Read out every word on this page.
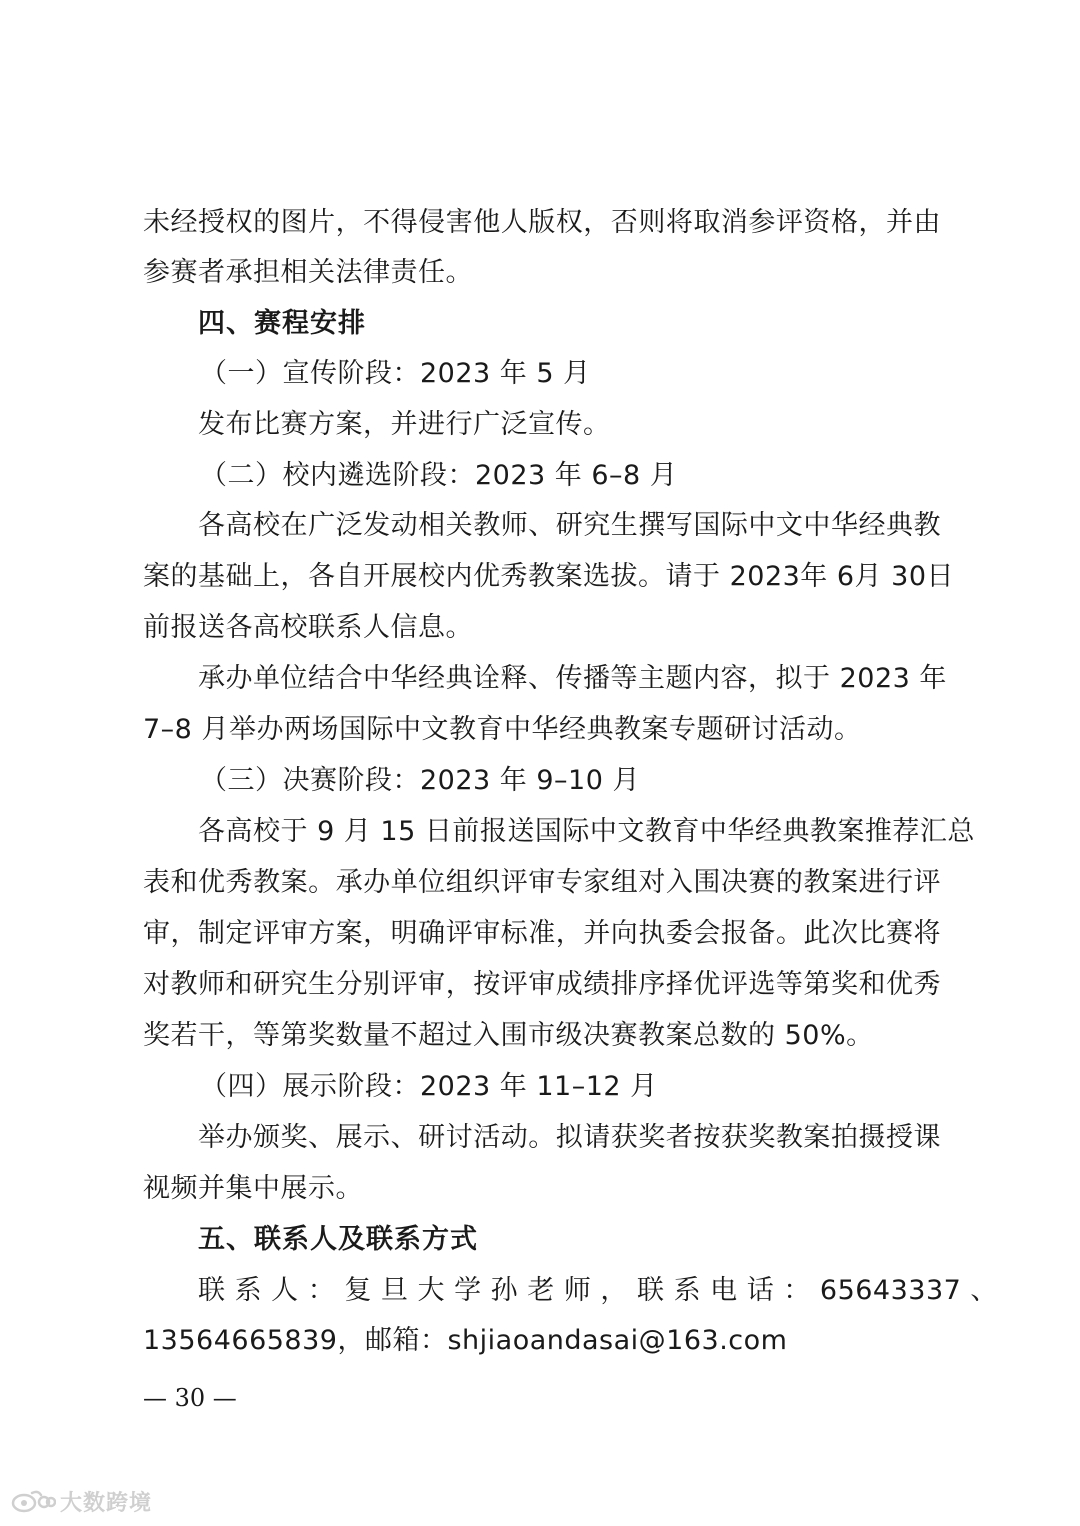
未经授权的图片，不得侵害他人版权，否则将取消参评资格，并由
参赛者承担相关法律责任。
四、赛程安排
（一）宣传阶段：2023 年 5 月
发布比赛方案，并进行广泛宣传。
（二）校内遴选阶段：2023 年 6–8 月
各高校在广泛发动相关教师、研究生撰写国际中文中华经典教
案的基础上，各自开展校内优秀教案选拔。请于 2023年 6月 30日
前报送各高校联系人信息。
承办单位结合中华经典诠释、传播等主题内容，拟于 2023 年
7–8 月举办两场国际中文教育中华经典教案专题研讨活动。
（三）决赛阶段：2023 年 9–10 月
各高校于 9 月 15 日前报送国际中文教育中华经典教案推荐汇总
表和优秀教案。承办单位组织评审专家组对入围决赛的教案进行评
审，制定评审方案，明确评审标准，并向执委会报备。此次比赛将
对教师和研究生分别评审，按评审成绩排序择优评选等第奖和优秀
奖若干，等第奖数量不超过入围市级决赛教案总数的 50%。
（四）展示阶段：2023 年 11–12 月
举办颁奖、展示、研讨活动。拟请获奖者按获奖教案拍摄授课
视频并集中展示。
五、联系人及联系方式
联 系 人 ： 复 旦 大 学 孙 老 师 ， 联 系 电 话 ： 65643337 、
13564665839，邮箱：shjiaoandasai@163.com
— 30 —
大数跨境
